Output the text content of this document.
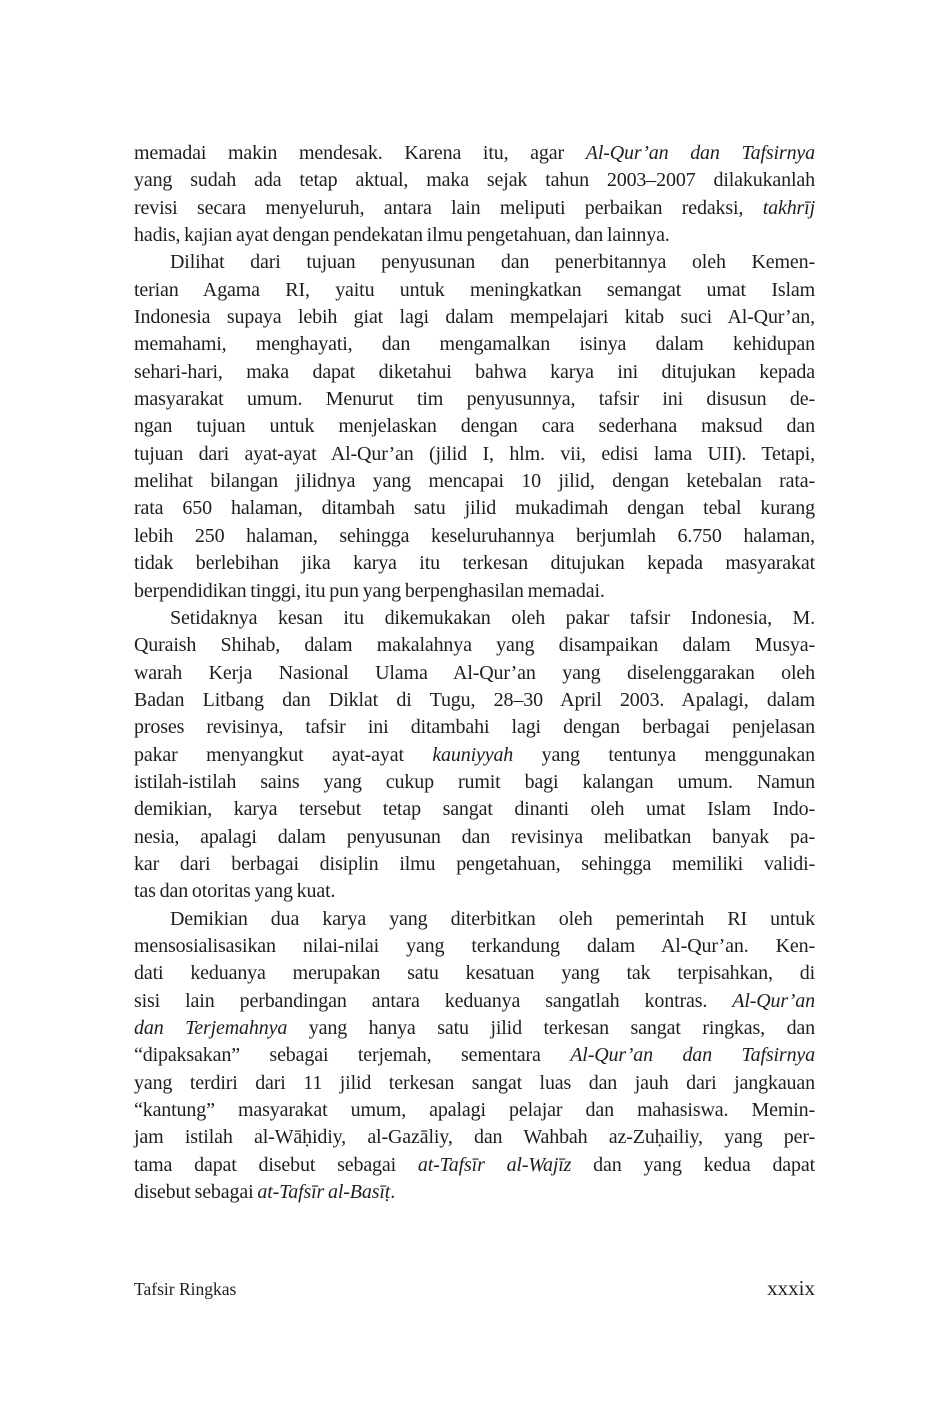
memadai makin mendesak. Karena itu, agar Al-Qur’an dan Tafsirnya
yang sudah ada tetap aktual, maka sejak tahun 2003–2007 dilakukanlah
revisi secara menyeluruh, antara lain meliputi perbaikan redaksi, takhrīj
hadis, kajian ayat dengan pendekatan ilmu pengetahuan, dan lainnya.
Dilihat dari tujuan penyusunan dan penerbitannya oleh Kemen-
terian Agama RI, yaitu untuk meningkatkan semangat umat Islam
Indonesia supaya lebih giat lagi dalam mempelajari kitab suci Al-Qur’an,
memahami, menghayati, dan mengamalkan isinya dalam kehidupan
sehari-hari, maka dapat diketahui bahwa karya ini ditujukan kepada
masyarakat umum. Menurut tim penyusunnya, tafsir ini disusun de-
ngan tujuan untuk menjelaskan dengan cara sederhana maksud dan
tujuan dari ayat-ayat Al-Qur’an (jilid I, hlm. vii, edisi lama UII). Tetapi,
melihat bilangan jilidnya yang mencapai 10 jilid, dengan ketebalan rata-
rata 650 halaman, ditambah satu jilid mukadimah dengan tebal kurang
lebih 250 halaman, sehingga keseluruhannya berjumlah 6.750 halaman,
tidak berlebihan jika karya itu terkesan ditujukan kepada masyarakat
berpendidikan tinggi, itu pun yang berpenghasilan memadai.
Setidaknya kesan itu dikemukakan oleh pakar tafsir Indonesia, M.
Quraish Shihab, dalam makalahnya yang disampaikan dalam Musya-
warah Kerja Nasional Ulama Al-Qur’an yang diselenggarakan oleh
Badan Litbang dan Diklat di Tugu, 28–30 April 2003. Apalagi, dalam
proses revisinya, tafsir ini ditambahi lagi dengan berbagai penjelasan
pakar menyangkut ayat-ayat kauniyyah yang tentunya menggunakan
istilah-istilah sains yang cukup rumit bagi kalangan umum. Namun
demikian, karya tersebut tetap sangat dinanti oleh umat Islam Indo-
nesia, apalagi dalam penyusunan dan revisinya melibatkan banyak pa-
kar dari berbagai disiplin ilmu pengetahuan, sehingga memiliki validi-
tas dan otoritas yang kuat.
Demikian dua karya yang diterbitkan oleh pemerintah RI untuk
mensosialisasikan nilai-nilai yang terkandung dalam Al-Qur’an. Ken-
dati keduanya merupakan satu kesatuan yang tak terpisahkan, di
sisi lain perbandingan antara keduanya sangatlah kontras. Al-Qur’an
dan Terjemahnya yang hanya satu jilid terkesan sangat ringkas, dan
“dipaksakan” sebagai terjemah, sementara Al-Qur’an dan Tafsirnya
yang terdiri dari 11 jilid terkesan sangat luas dan jauh dari jangkauan
“kantung” masyarakat umum, apalagi pelajar dan mahasiswa. Memin-
jam istilah al-Wāḥidiy, al-Gazāliy, dan Wahbah az-Zuḥailiy, yang per-
tama dapat disebut sebagai at-Tafsīr al-Wajīz dan yang kedua dapat
disebut sebagai at-Tafsīr al-Basīṭ.
Tafsir Ringkas	xxxix
